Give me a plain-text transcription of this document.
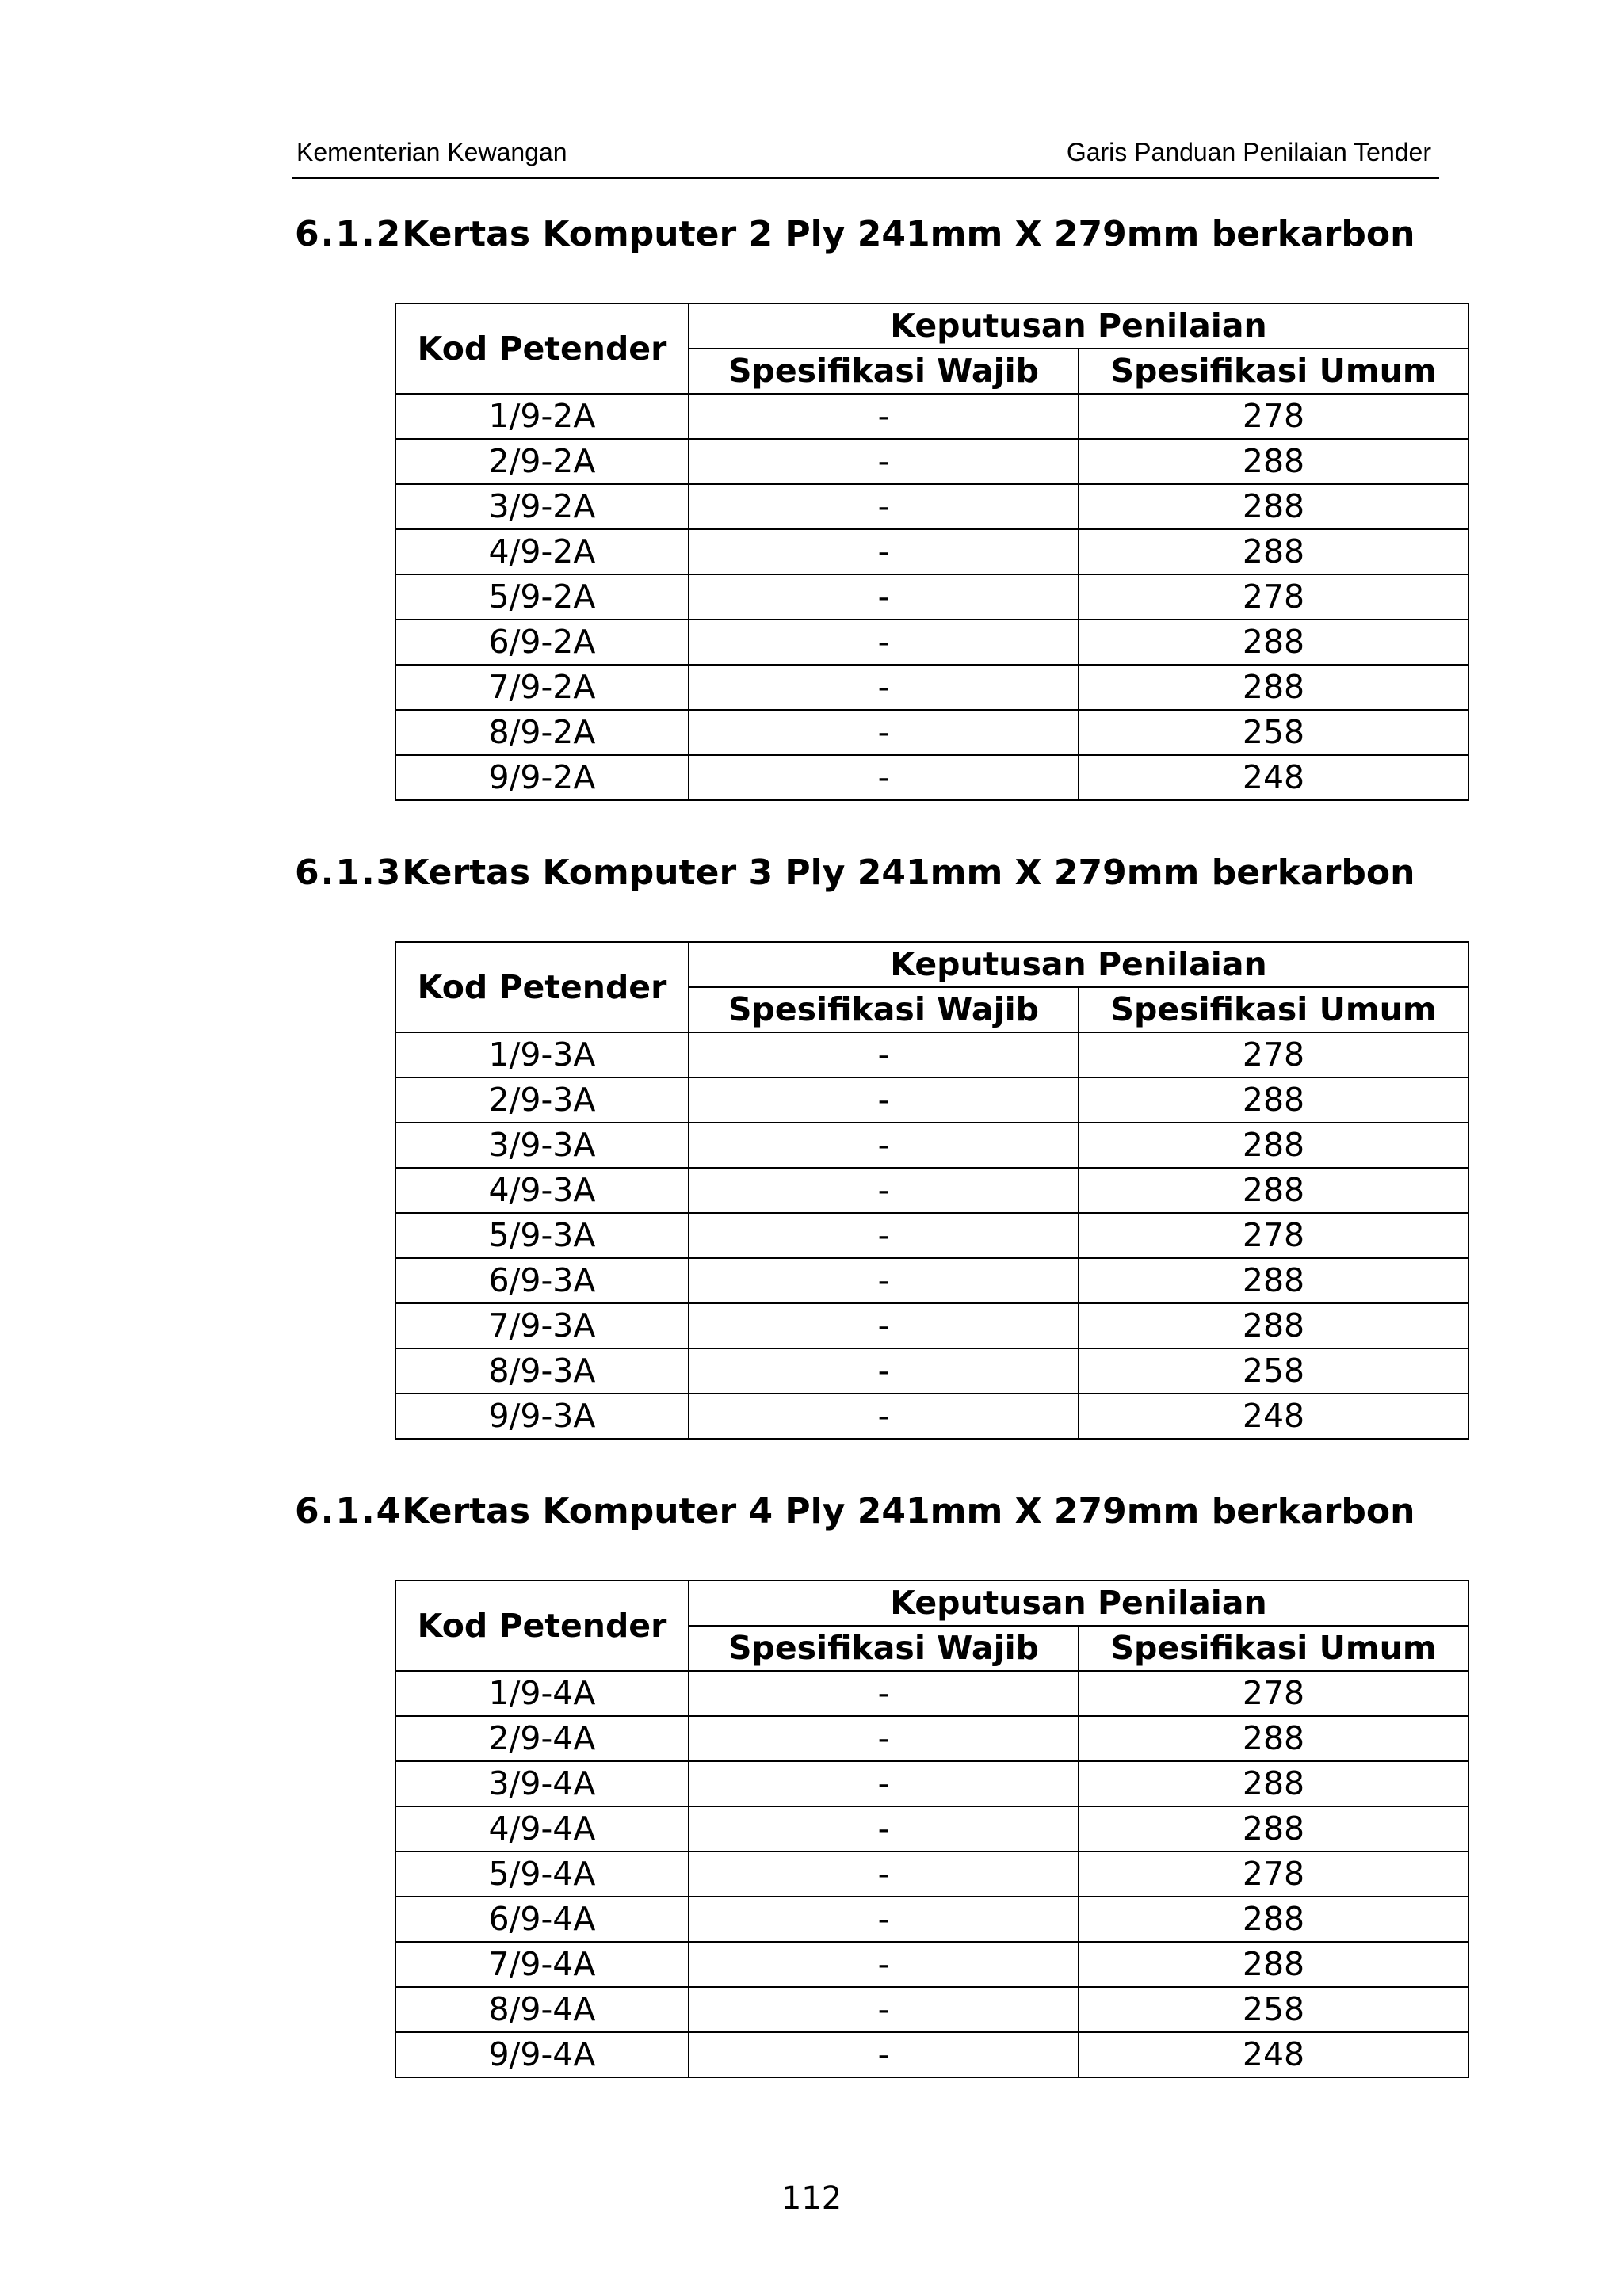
Kementerian Kewangan	Garis Panduan Penilaian Tender
6.1.2Kertas Komputer 2 Ply 241mm X 279mm berkarbon
Kod Petender	Keputusan Penilaian	
	Spesifikasi Wajib	Spesifikasi Umum
1/9-2A	-	278
2/9-2A	-	288
3/9-2A	-	288
4/9-2A	-	288
5/9-2A	-	278
6/9-2A	-	288
7/9-2A	-	288
8/9-2A	-	258
9/9-2A	-	248
6.1.3Kertas Komputer 3 Ply 241mm X 279mm berkarbon
Kod Petender	Keputusan Penilaian	
	Spesifikasi Wajib	Spesifikasi Umum
1/9-3A	-	278
2/9-3A	-	288
3/9-3A	-	288
4/9-3A	-	288
5/9-3A	-	278
6/9-3A	-	288
7/9-3A	-	288
8/9-3A	-	258
9/9-3A	-	248
6.1.4Kertas Komputer 4 Ply 241mm X 279mm berkarbon
Kod Petender	Keputusan Penilaian	
	Spesifikasi Wajib	Spesifikasi Umum
1/9-4A	-	278
2/9-4A	-	288
3/9-4A	-	288
4/9-4A	-	288
5/9-4A	-	278
6/9-4A	-	288
7/9-4A	-	288
8/9-4A	-	258
9/9-4A	-	248
112
